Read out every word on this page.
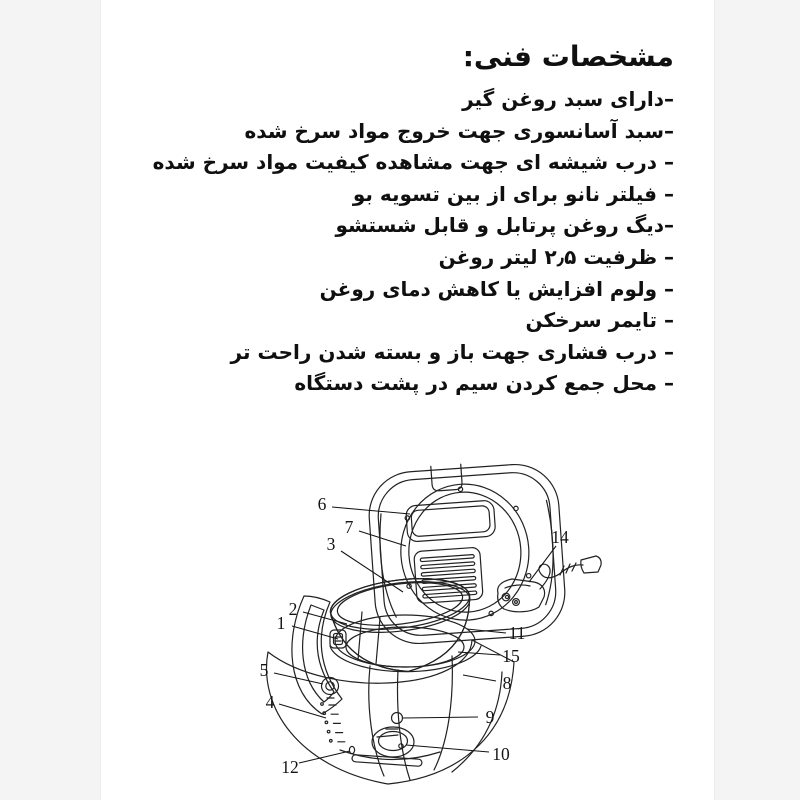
مشخصات فنی:
–دارای سبد روغن گیر
–سبد آسانسوری جهت خروج مواد سرخ شده
– درب شیشه ای جهت مشاهده کیفیت مواد سرخ شده
– فیلتر نانو برای از بین تسویه بو
–دیگ روغن پرتابل و قابل شستشو
– ظرفیت ۲٫۵ لیتر روغن
– ولوم افزایش یا کاهش دمای روغن
– تایمر سرخکن
– درب فشاری جهت باز و بسته شدن راحت تر
– محل جمع کردن سیم در پشت دستگاه
6
7
3	14
2
1	11
15
8
5
4
9
10
12
